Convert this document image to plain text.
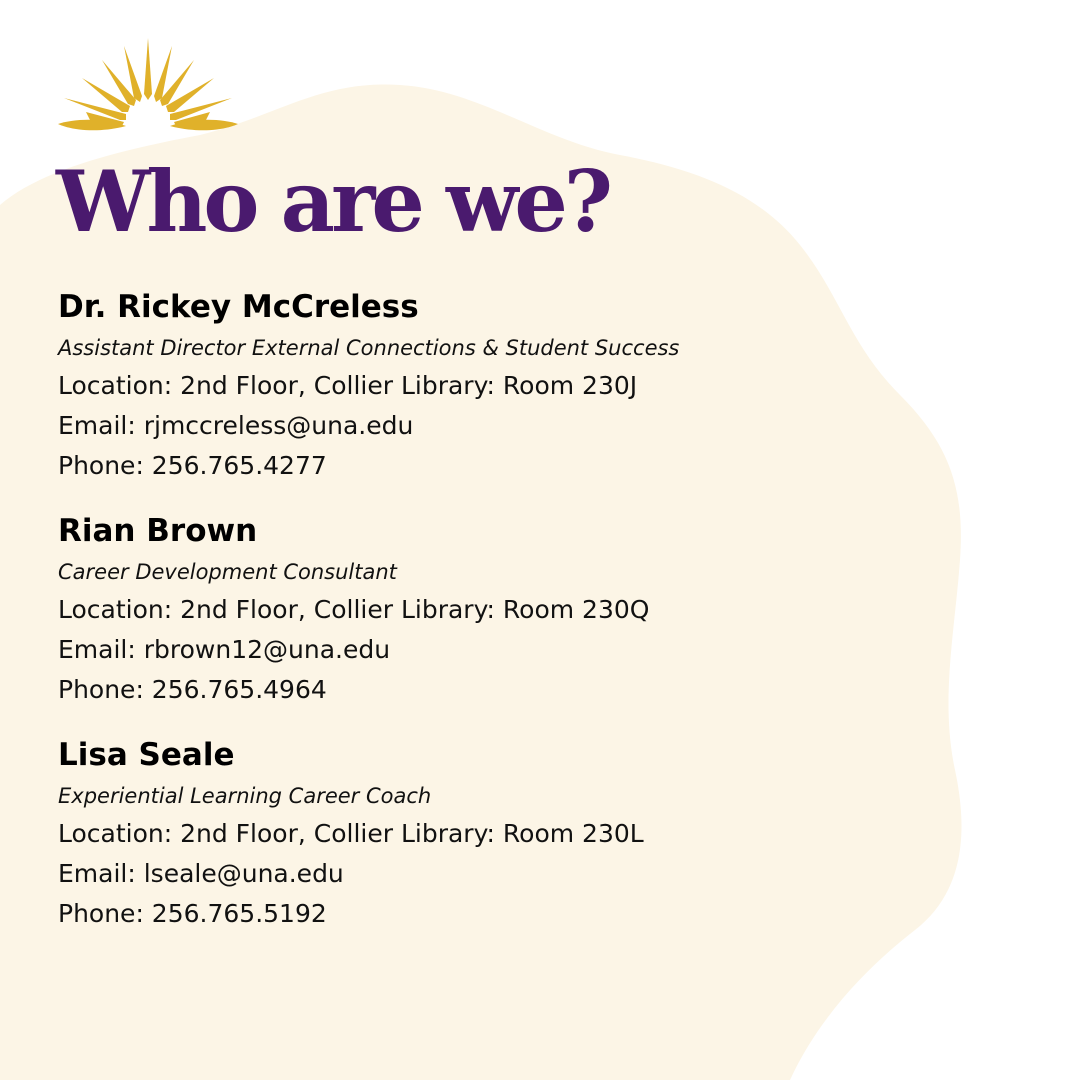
Who are we?
Dr. Rickey McCreless
Assistant Director External Connections & Student Success
Location: 2nd Floor, Collier Library: Room 230J
Email: rjmccreless@una.edu
Phone: 256.765.4277
Rian Brown
Career Development Consultant
Location: 2nd Floor, Collier Library: Room 230Q
Email: rbrown12@una.edu
Phone: 256.765.4964
Lisa Seale
Experiential Learning Career Coach
Location: 2nd Floor, Collier Library: Room 230L
Email: lseale@una.edu
Phone: 256.765.5192
